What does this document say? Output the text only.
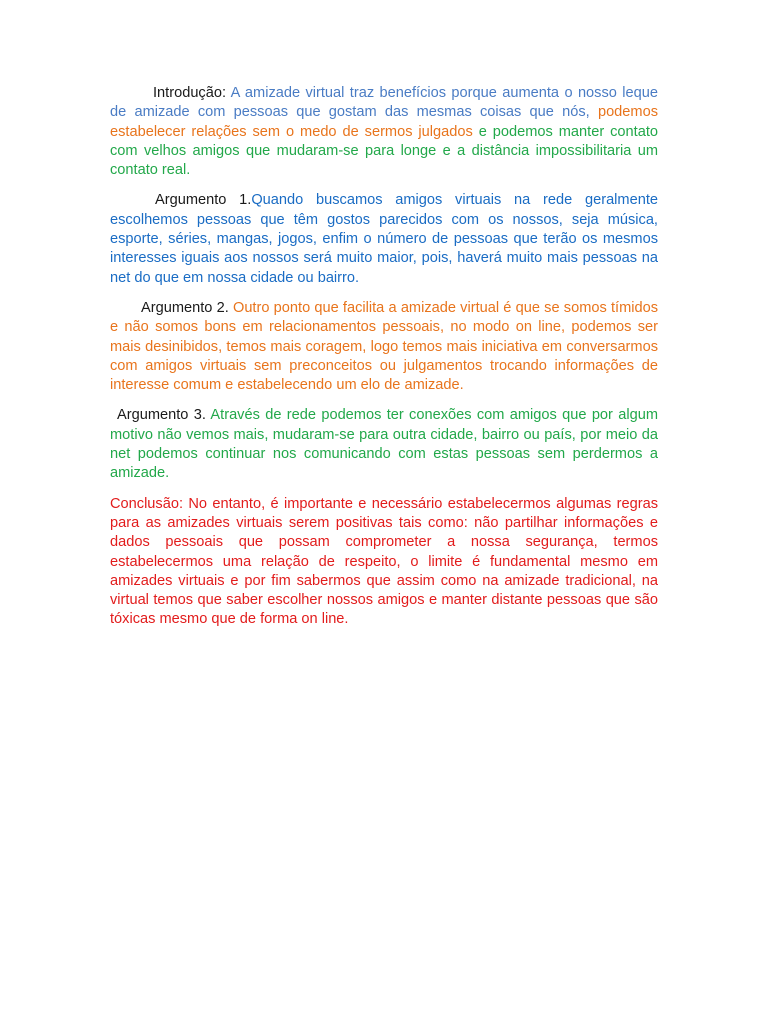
Introdução: A amizade virtual traz benefícios porque aumenta o nosso leque de amizade com pessoas que gostam das mesmas coisas que nós, podemos estabelecer relações sem o medo de sermos julgados e podemos manter contato com velhos amigos que mudaram-se para longe e a distância impossibilitaria um contato real.

Argumento 1.Quando buscamos amigos virtuais na rede geralmente escolhemos pessoas que têm gostos parecidos com os nossos, seja música, esporte, séries, mangas, jogos, enfim o número de pessoas que terão os mesmos interesses iguais aos nossos será muito maior, pois, haverá muito mais pessoas na net do que em nossa cidade ou bairro.

Argumento 2. Outro ponto que facilita a amizade virtual é que se somos tímidos e não somos bons em relacionamentos pessoais, no modo on line, podemos ser mais desinibidos, temos mais coragem, logo temos mais iniciativa em conversarmos com amigos virtuais sem preconceitos ou julgamentos trocando informações de interesse comum e estabelecendo um elo de amizade.

Argumento 3. Através de rede podemos ter conexões com amigos que por algum motivo não vemos mais, mudaram-se para outra cidade, bairro ou país, por meio da net podemos continuar nos comunicando com estas pessoas sem perdermos a amizade.

Conclusão: No entanto, é importante e necessário estabelecermos algumas regras para as amizades virtuais serem positivas tais como: não partilhar informações e dados pessoais que possam comprometer a nossa segurança, termos estabelecermos uma relação de respeito, o limite é fundamental mesmo em amizades virtuais e por fim sabermos que assim como na amizade tradicional, na virtual temos que saber escolher nossos amigos e manter distante pessoas que são tóxicas mesmo que de forma on line.
